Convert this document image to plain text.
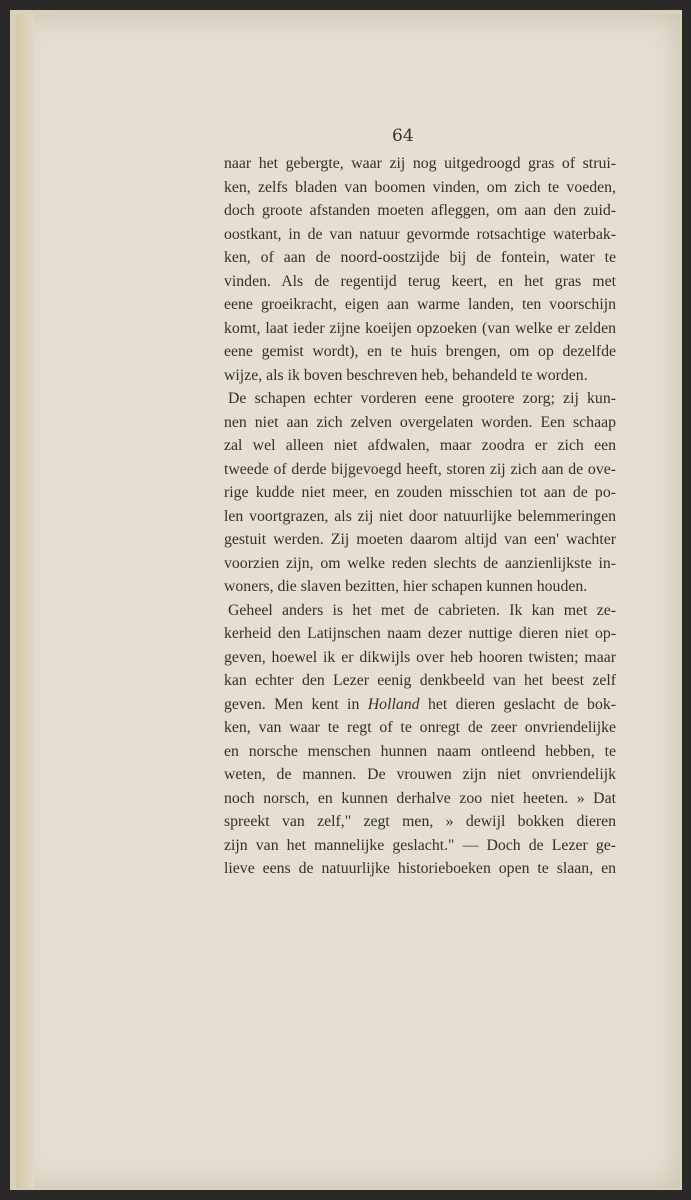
64
naar het gebergte, waar zij nog uitgedroogd gras of strui-
ken, zelfs bladen van boomen vinden, om zich te voeden,
doch groote afstanden moeten afleggen, om aan den zuid-
oostkant, in de van natuur gevormde rotsachtige waterbak-
ken, of aan de noord-oostzijde bij de fontein, water te
vinden. Als de regentijd terug keert, en het gras met
eene groeikracht, eigen aan warme landen, ten voorschijn
komt, laat ieder zijne koeijen opzoeken (van welke er zelden
eene gemist wordt), en te huis brengen, om op dezelfde
wijze, als ik boven beschreven heb, behandeld te worden.
De schapen echter vorderen eene grootere zorg; zij kun-
nen niet aan zich zelven overgelaten worden. Een schaap
zal wel alleen niet afdwalen, maar zoodra er zich een
tweede of derde bijgevoegd heeft, storen zij zich aan de ove-
rige kudde niet meer, en zouden misschien tot aan de po-
len voortgrazen, als zij niet door natuurlijke belemmeringen
gestuit werden. Zij moeten daarom altijd van een' wachter
voorzien zijn, om welke reden slechts de aanzienlijkste in-
woners, die slaven bezitten, hier schapen kunnen houden.
Geheel anders is het met de cabrieten. Ik kan met ze-
kerheid den Latijnschen naam dezer nuttige dieren niet op-
geven, hoewel ik er dikwijls over heb hooren twisten; maar
kan echter den Lezer eenig denkbeeld van het beest zelf
geven. Men kent in Holland het dieren geslacht de bok-
ken, van waar te regt of te onregt de zeer onvriendelijke
en norsche menschen hunnen naam ontleend hebben, te
weten, de mannen. De vrouwen zijn niet onvriendelijk
noch norsch, en kunnen derhalve zoo niet heeten. » Dat
spreekt van zelf," zegt men, » dewijl bokken dieren
zijn van het mannelijke geslacht." — Doch de Lezer ge-
lieve eens de natuurlijke historieboeken open te slaan, en
